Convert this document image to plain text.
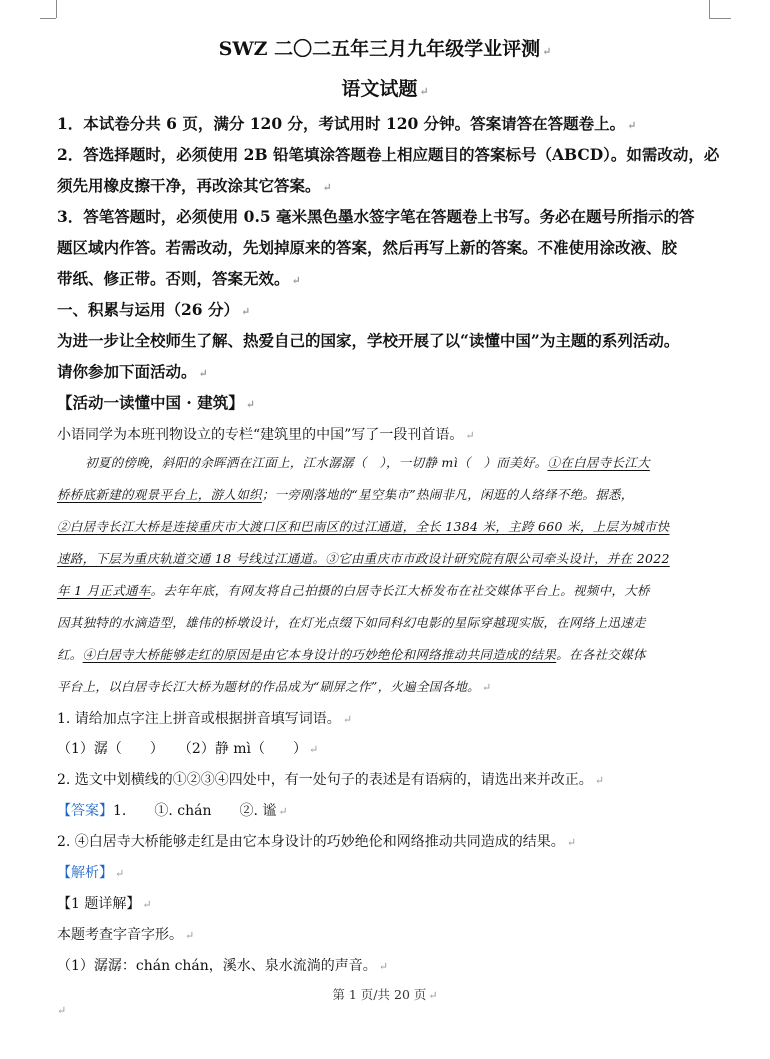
SWZ 二〇二五年三月九年级学业评测 ↵
语文试题 ↵
1．本试卷分共 6 页，满分 120 分，考试用时 120 分钟。答案请答在答题卷上。 ↵
2．答选择题时，必须使用 2B 铅笔填涂答题卷上相应题目的答案标号（ABCD）。如需改动，必
须先用橡皮擦干净，再改涂其它答案。 ↵
3．答笔答题时，必须使用 0.5 毫米黑色墨水签字笔在答题卷上书写。务必在题号所指示的答
题区域内作答。若需改动，先划掉原来的答案，然后再写上新的答案。不准使用涂改液、胶
带纸、修正带。否则，答案无效。 ↵
一、积累与运用（26 分） ↵
为进一步让全校师生了解、热爱自己的国家，学校开展了以“读懂中国”为主题的系列活动。
请你参加下面活动。 ↵
【活动一读懂中国 · 建筑】 ↵
小语同学为本班刊物设立的专栏“建筑里的中国”写了一段刊首语。 ↵
初夏的傍晚，斜阳的余晖洒在江面上，江水潺潺（　），一切静 mì（　）而美好。①在白居寺长江大
桥桥底新建的观景平台上，游人如织；一旁刚落地的“星空集市”热闹非凡，闲逛的人络绎不绝。据悉，
②白居寺长江大桥是连接重庆市大渡口区和巴南区的过江通道，全长 1384 米，主跨 660 米，上层为城市快
速路，下层为重庆轨道交通 18 号线过江通道。③它由重庆市市政设计研究院有限公司牵头设计，并在 2022
年 1 月正式通车。去年年底，有网友将自己拍摄的白居寺长江大桥发布在社交媒体平台上。视频中，大桥
因其独特的水滴造型，雄伟的桥墩设计，在灯光点缀下如同科幻电影的星际穿越现实版，在网络上迅速走
红。④白居寺大桥能够走红的原因是由它本身设计的巧妙绝伦和网络推动共同造成的结果。在各社交媒体
平台上，以白居寺长江大桥为题材的作品成为“刷屏之作”，火遍全国各地。 ↵
1. 请给加点字注上拼音或根据拼音填写词语。 ↵
（1）潺（　　）　　（2）静 mì（　　） ↵
2. 选文中划横线的①②③④四处中，有一处句子的表述是有语病的，请选出来并改正。 ↵
【答案】1.　　①. chán　　②. 谧 ↵
2. ④白居寺大桥能够走红是由它本身设计的巧妙绝伦和网络推动共同造成的结果。 ↵
【解析】 ↵
【1 题详解】 ↵
本题考查字音字形。 ↵
（1）潺潺：chán chán，溪水、泉水流淌的声音。 ↵
第 1 页/共 20 页 ↵
↵
